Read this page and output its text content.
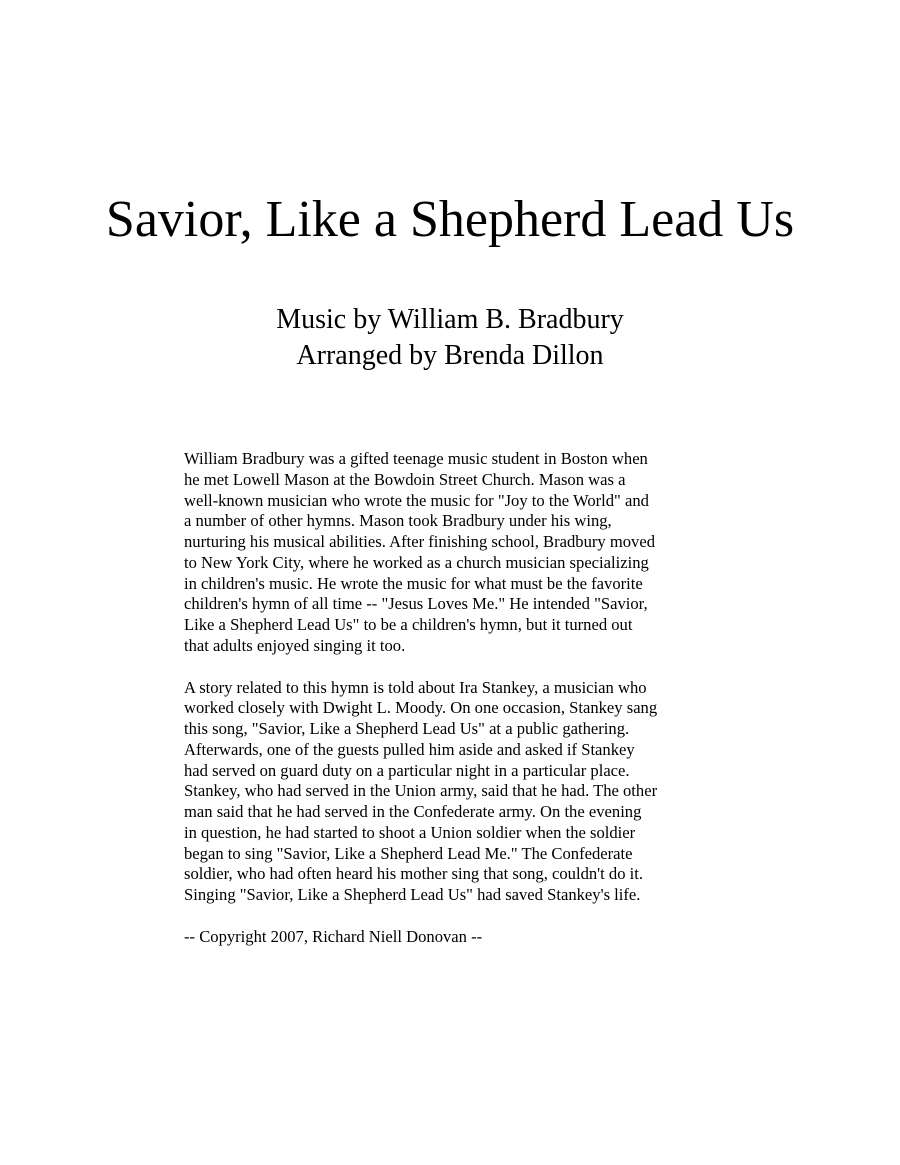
Savior, Like a Shepherd Lead Us
Music by William B. Bradbury
Arranged by Brenda Dillon
William Bradbury was a gifted teenage music student in Boston when
he met Lowell Mason at the Bowdoin Street Church. Mason was a
well-known musician who wrote the music for "Joy to the World" and
a number of other hymns. Mason took Bradbury under his wing,
nurturing his musical abilities. After finishing school, Bradbury moved
to New York City, where he worked as a church musician specializing
in children's music. He wrote the music for what must be the favorite
children's hymn of all time -- "Jesus Loves Me." He intended "Savior,
Like a Shepherd Lead Us" to be a children's hymn, but it turned out
that adults enjoyed singing it too.
A story related to this hymn is told about Ira Stankey, a musician who
worked closely with Dwight L. Moody. On one occasion, Stankey sang
this song, "Savior, Like a Shepherd Lead Us" at a public gathering.
Afterwards, one of the guests pulled him aside and asked if Stankey
had served on guard duty on a particular night in a particular place.
Stankey, who had served in the Union army, said that he had. The other
man said that he had served in the Confederate army. On the evening
in question, he had started to shoot a Union soldier when the soldier
began to sing "Savior, Like a Shepherd Lead Me." The Confederate
soldier, who had often heard his mother sing that song, couldn't do it.
Singing "Savior, Like a Shepherd Lead Us" had saved Stankey's life.
-- Copyright 2007, Richard Niell Donovan --
